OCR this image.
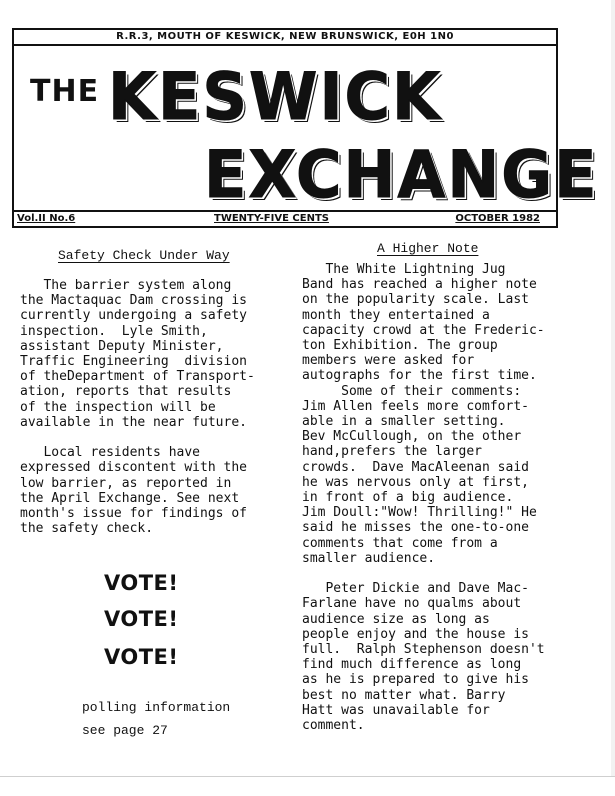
R.R.3, MOUTH OF KESWICK, NEW BRUNSWICK, E0H 1N0
THE KESWICK
EXCHANGE
Vol.II No.6	TWENTY-FIVE CENTS	OCTOBER 1982
Safety Check Under Way
The barrier system along
the Mactaquac Dam crossing is
currently undergoing a safety
inspection.  Lyle Smith,
assistant Deputy Minister,
Traffic Engineering  division
of theDepartment of Transport-
ation, reports that results
of the inspection will be
available in the near future.

Local residents have
expressed discontent with the
low barrier, as reported in
the April Exchange. See next
month's issue for findings of
the safety check.
VOTE!
VOTE!
VOTE!
polling information
see page 27
A Higher Note
The White Lightning Jug
Band has reached a higher note
on the popularity scale. Last
month they entertained a
capacity crowd at the Frederic-
ton Exhibition. The group
members were asked for
autographs for the first time.
Some of their comments:
Jim Allen feels more comfort-
able in a smaller setting.
Bev McCullough, on the other
hand,prefers the larger
crowds.  Dave MacAleenan said
he was nervous only at first,
in front of a big audience.
Jim Doull:"Wow! Thrilling!" He
said he misses the one-to-one
comments that come from a
smaller audience.

Peter Dickie and Dave Mac-
Farlane have no qualms about
audience size as long as
people enjoy and the house is
full.  Ralph Stephenson doesn't
find much difference as long
as he is prepared to give his
best no matter what. Barry
Hatt was unavailable for
comment.
